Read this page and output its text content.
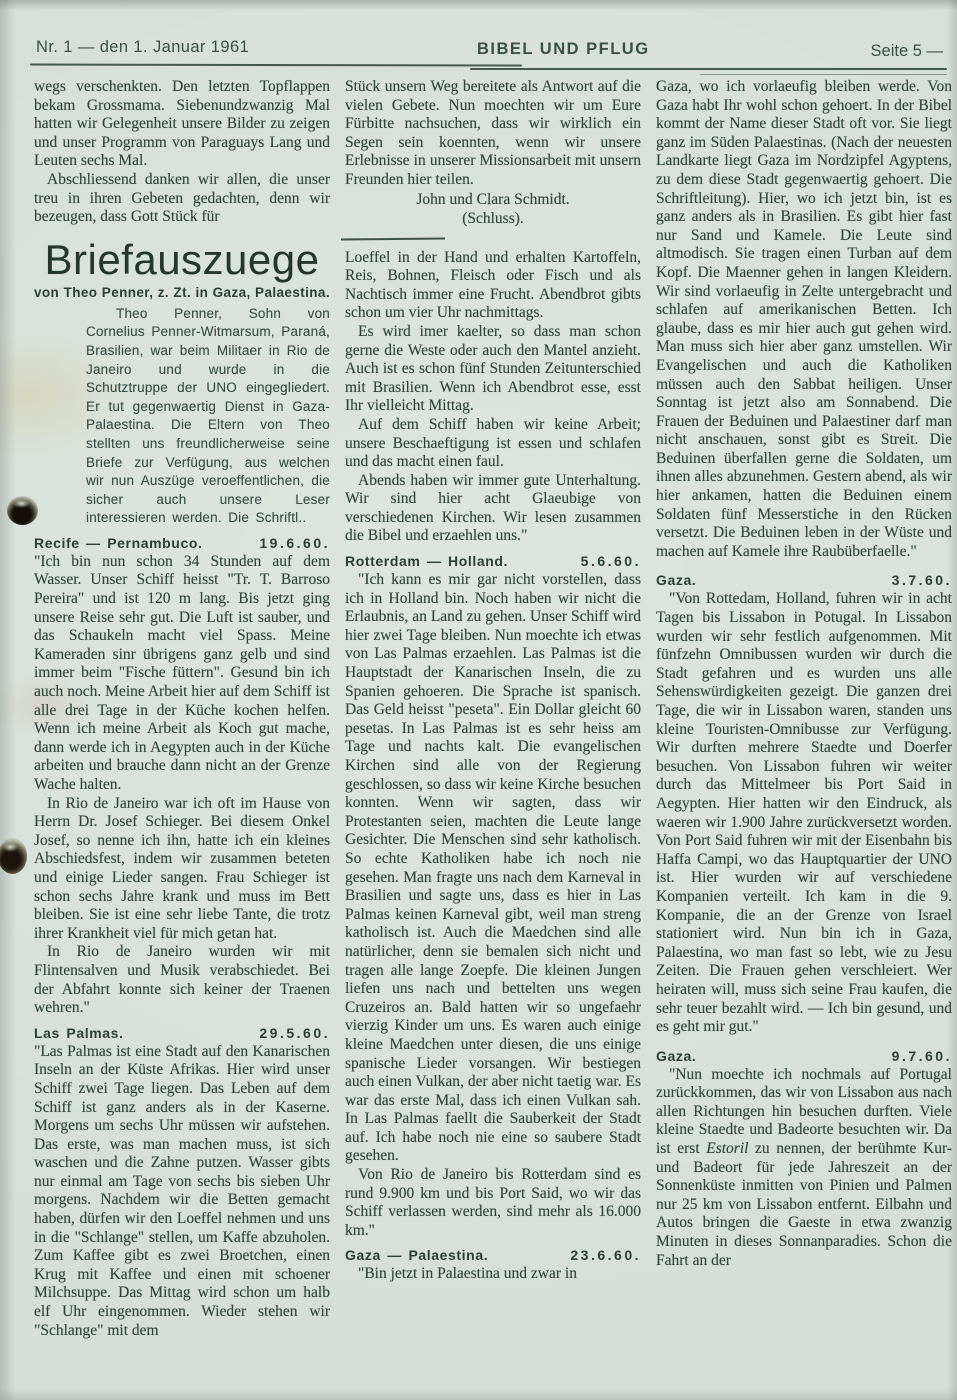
Nr. 1 — den 1. Januar 1961	BIBEL UND PFLUG	Seite 5 —

wegs verschenkten. Den letzten Topflappen bekam Grossmama. Siebenundzwanzig Mal hatten wir Gelegenheit unsere Bilder zu zeigen und unser Programm von Paraguays Lang und Leuten sechs Mal.

Abschliessend danken wir allen, die unser treu in ihren Gebeten gedachten, denn wir bezeugen, dass Gott Stück für

Briefauszuege
von Theo Penner, z. Zt. in Gaza, Palaestina.
Theo Penner, Sohn von Cornelius Penner-Witmarsum, Paraná, Brasilien, war beim Militaer in Rio de Janeiro und wurde in die Schutztruppe der UNO eingegliedert. Er tut gegenwaertig Dienst in Gaza-Palaestina. Die Eltern von Theo stellten uns freundlicherweise seine Briefe zur Verfügung, aus welchen wir nun Auszüge veroeffentlichen, die sicher auch unsere Leser interessieren werden. Die Schriftl..
Recife — Pernambuco.	19.6.60.

"Ich bin nun schon 34 Stunden auf dem Wasser. Unser Schiff heisst "Tr. T. Barroso Pereira" und ist 120 m lang. Bis jetzt ging unsere Reise sehr gut. Die Luft ist sauber, und das Schaukeln macht viel Spass. Meine Kameraden sinr übrigens ganz gelb und sind immer beim "Fische füttern". Gesund bin ich auch noch. Meine Arbeit hier auf dem Schiff ist alle drei Tage in der Küche kochen helfen. Wenn ich meine Arbeit als Koch gut mache, dann werde ich in Aegypten auch in der Küche arbeiten und brauche dann nicht an der Grenze Wache halten.

In Rio de Janeiro war ich oft im Hause von Herrn Dr. Josef Schieger. Bei diesem Onkel Josef, so nenne ich ihn, hatte ich ein kleines Abschiedsfest, indem wir zusammen beteten und einige Lieder sangen. Frau Schieger ist schon sechs Jahre krank und muss im Bett bleiben. Sie ist eine sehr liebe Tante, die trotz ihrer Krankheit viel für mich getan hat.

In Rio de Janeiro wurden wir mit Flintensalven und Musik verabschiedet. Bei der Abfahrt konnte sich keiner der Traenen wehren."

Las Palmas.	29.5.60.

"Las Palmas ist eine Stadt auf den Kanarischen Inseln an der Küste Afrikas. Hier wird unser Schiff zwei Tage liegen. Das Leben auf dem Schiff ist ganz anders als in der Kaserne. Morgens um sechs Uhr müssen wir aufstehen. Das erste, was man machen muss, ist sich waschen und die Zahne putzen. Wasser gibts nur einmal am Tage von sechs bis sieben Uhr morgens. Nachdem wir die Betten gemacht haben, dürfen wir den Loeffel nehmen und uns in die "Schlange" stellen, um Kaffe abzuholen. Zum Kaffee gibt es zwei Broetchen, einen Krug mit Kaffee und einen mit schoener Milchsuppe. Das Mittag wird schon um halb elf Uhr eingenommen. Wieder stehen wir "Schlange" mit dem

Stück unsern Weg bereitete als Antwort auf die vielen Gebete. Nun moechten wir um Eure Fürbitte nachsuchen, dass wir wirklich ein Segen sein koennten, wenn wir unsere Erlebnisse in unserer Missionsarbeit mit unsern Freunden hier teilen.

John und Clara Schmidt.
(Schluss).

Loeffel in der Hand und erhalten Kartoffeln, Reis, Bohnen, Fleisch oder Fisch und als Nachtisch immer eine Frucht. Abendbrot gibts schon um vier Uhr nachmittags.

Es wird imer kaelter, so dass man schon gerne die Weste oder auch den Mantel anzieht. Auch ist es schon fünf Stunden Zeitunterschied mit Brasilien. Wenn ich Abendbrot esse, esst Ihr vielleicht Mittag.

Auf dem Schiff haben wir keine Arbeit; unsere Beschaeftigung ist essen und schlafen und das macht einen faul.

Abends haben wir immer gute Unterhaltung. Wir sind hier acht Glaeubige von verschiedenen Kirchen. Wir lesen zusammen die Bibel und erzaehlen uns."

Rotterdam — Holland.	5.6.60.

"Ich kann es mir gar nicht vorstellen, dass ich in Holland bin. Noch haben wir nicht die Erlaubnis, an Land zu gehen. Unser Schiff wird hier zwei Tage bleiben. Nun moechte ich etwas von Las Palmas erzaehlen. Las Palmas ist die Hauptstadt der Kanarischen Inseln, die zu Spanien gehoeren. Die Sprache ist spanisch. Das Geld heisst "peseta". Ein Dollar gleicht 60 pesetas. In Las Palmas ist es sehr heiss am Tage und nachts kalt. Die evangelischen Kirchen sind alle von der Regierung geschlossen, so dass wir keine Kirche besuchen konnten. Wenn wir sagten, dass wir Protestanten seien, machten die Leute lange Gesichter. Die Menschen sind sehr katholisch. So echte Katholiken habe ich noch nie gesehen. Man fragte uns nach dem Karneval in Brasilien und sagte uns, dass es hier in Las Palmas keinen Karneval gibt, weil man streng katholisch ist. Auch die Maedchen sind alle natürlicher, denn sie bemalen sich nicht und tragen alle lange Zoepfe. Die kleinen Jungen liefen uns nach und bettelten uns wegen Cruzeiros an. Bald hatten wir so ungefaehr vierzig Kinder um uns. Es waren auch einige kleine Maedchen unter diesen, die uns einige spanische Lieder vorsangen. Wir bestiegen auch einen Vulkan, der aber nicht taetig war. Es war das erste Mal, dass ich einen Vulkan sah. In Las Palmas faellt die Sauberkeit der Stadt auf. Ich habe noch nie eine so saubere Stadt gesehen.

Von Rio de Janeiro bis Rotterdam sind es rund 9.900 km und bis Port Said, wo wir das Schiff verlassen werden, sind mehr als 16.000 km."

Gaza — Palaestina.	23.6.60.

"Bin jetzt in Palaestina und zwar in

Gaza, wo ich vorlaeufig bleiben werde. Von Gaza habt Ihr wohl schon gehoert. In der Bibel kommt der Name dieser Stadt oft vor. Sie liegt ganz im Süden Palaestinas. (Nach der neuesten Landkarte liegt Gaza im Nordzipfel Agyptens, zu dem diese Stadt gegenwaertig gehoert. Die Schriftleitung). Hier, wo ich jetzt bin, ist es ganz anders als in Brasilien. Es gibt hier fast nur Sand und Kamele. Die Leute sind altmodisch. Sie tragen einen Turban auf dem Kopf. Die Maenner gehen in langen Kleidern. Wir sind vorlaeufig in Zelte untergebracht und schlafen auf amerikanischen Betten. Ich glaube, dass es mir hier auch gut gehen wird. Man muss sich hier aber ganz umstellen. Wir Evangelischen und auch die Katholiken müssen auch den Sabbat heiligen. Unser Sonntag ist jetzt also am Sonnabend. Die Frauen der Beduinen und Palaestiner darf man nicht anschauen, sonst gibt es Streit. Die Beduinen überfallen gerne die Soldaten, um ihnen alles abzunehmen. Gestern abend, als wir hier ankamen, hatten die Beduinen einem Soldaten fünf Messerstiche in den Rücken versetzt. Die Beduinen leben in der Wüste und machen auf Kamele ihre Raubüberfaelle."

Gaza.	3.7.60.

"Von Rottedam, Holland, fuhren wir in acht Tagen bis Lissabon in Potugal. In Lissabon wurden wir sehr festlich aufgenommen. Mit fünfzehn Omnibussen wurden wir durch die Stadt gefahren und es wurden uns alle Sehenswürdigkeiten gezeigt. Die ganzen drei Tage, die wir in Lissabon waren, standen uns kleine Touristen-Omnibusse zur Verfügung. Wir durften mehrere Staedte und Doerfer besuchen. Von Lissabon fuhren wir weiter durch das Mittelmeer bis Port Said in Aegypten. Hier hatten wir den Eindruck, als waeren wir 1.900 Jahre zurückversetzt worden. Von Port Said fuhren wir mit der Eisenbahn bis Haffa Campi, wo das Hauptquartier der UNO ist. Hier wurden wir auf verschiedene Kompanien verteilt. Ich kam in die 9. Kompanie, die an der Grenze von Israel stationiert wird. Nun bin ich in Gaza, Palaestina, wo man fast so lebt, wie zu Jesu Zeiten. Die Frauen gehen verschleiert. Wer heiraten will, muss sich seine Frau kaufen, die sehr teuer bezahlt wird. — Ich bin gesund, und es geht mir gut."

Gaza.	9.7.60.

"Nun moechte ich nochmals auf Portugal zurückkommen, das wir von Lissabon aus nach allen Richtungen hin besuchen durften. Viele kleine Staedte und Badeorte besuchten wir. Da ist erst Estoril zu nennen, der berühmte Kur- und Badeort für jede Jahreszeit an der Sonnenküste inmitten von Pinien und Palmen nur 25 km von Lissabon entfernt. Eilbahn und Autos bringen die Gaeste in etwa zwanzig Minuten in dieses Sonnanparadies. Schon die Fahrt an der
